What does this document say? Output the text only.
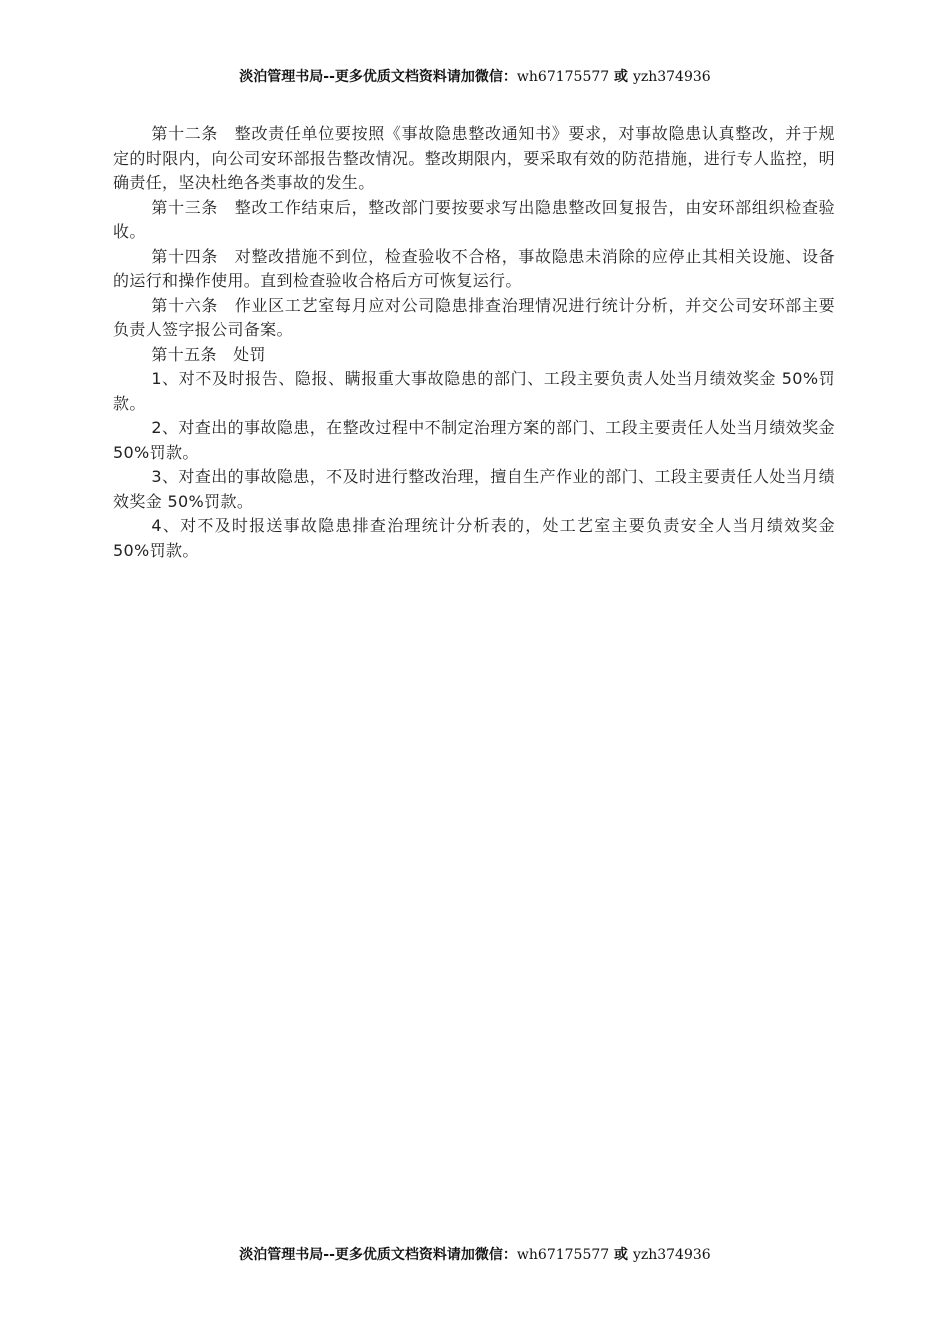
淡泊管理书局--更多优质文档资料请加微信：wh67175577 或 yzh374936

第十二条　整改责任单位要按照《事故隐患整改通知书》要求，对事故隐患认真整改，并于规定的时限内，向公司安环部报告整改情况。整改期限内，要采取有效的防范措施，进行专人监控，明确责任，坚决杜绝各类事故的发生。

第十三条　整改工作结束后，整改部门要按要求写出隐患整改回复报告，由安环部组织检查验收。

第十四条　对整改措施不到位，检查验收不合格，事故隐患未消除的应停止其相关设施、设备的运行和操作使用。直到检查验收合格后方可恢复运行。

第十六条　作业区工艺室每月应对公司隐患排查治理情况进行统计分析，并交公司安环部主要负责人签字报公司备案。

第十五条　处罚

1、对不及时报告、隐报、瞒报重大事故隐患的部门、工段主要负责人处当月绩效奖金 50%罚款。

2、对查出的事故隐患，在整改过程中不制定治理方案的部门、工段主要责任人处当月绩效奖金 50%罚款。

3、对查出的事故隐患，不及时进行整改治理，擅自生产作业的部门、工段主要责任人处当月绩效奖金 50%罚款。

4、对不及时报送事故隐患排查治理统计分析表的，处工艺室主要负责安全人当月绩效奖金 50%罚款。

淡泊管理书局--更多优质文档资料请加微信：wh67175577 或 yzh374936
